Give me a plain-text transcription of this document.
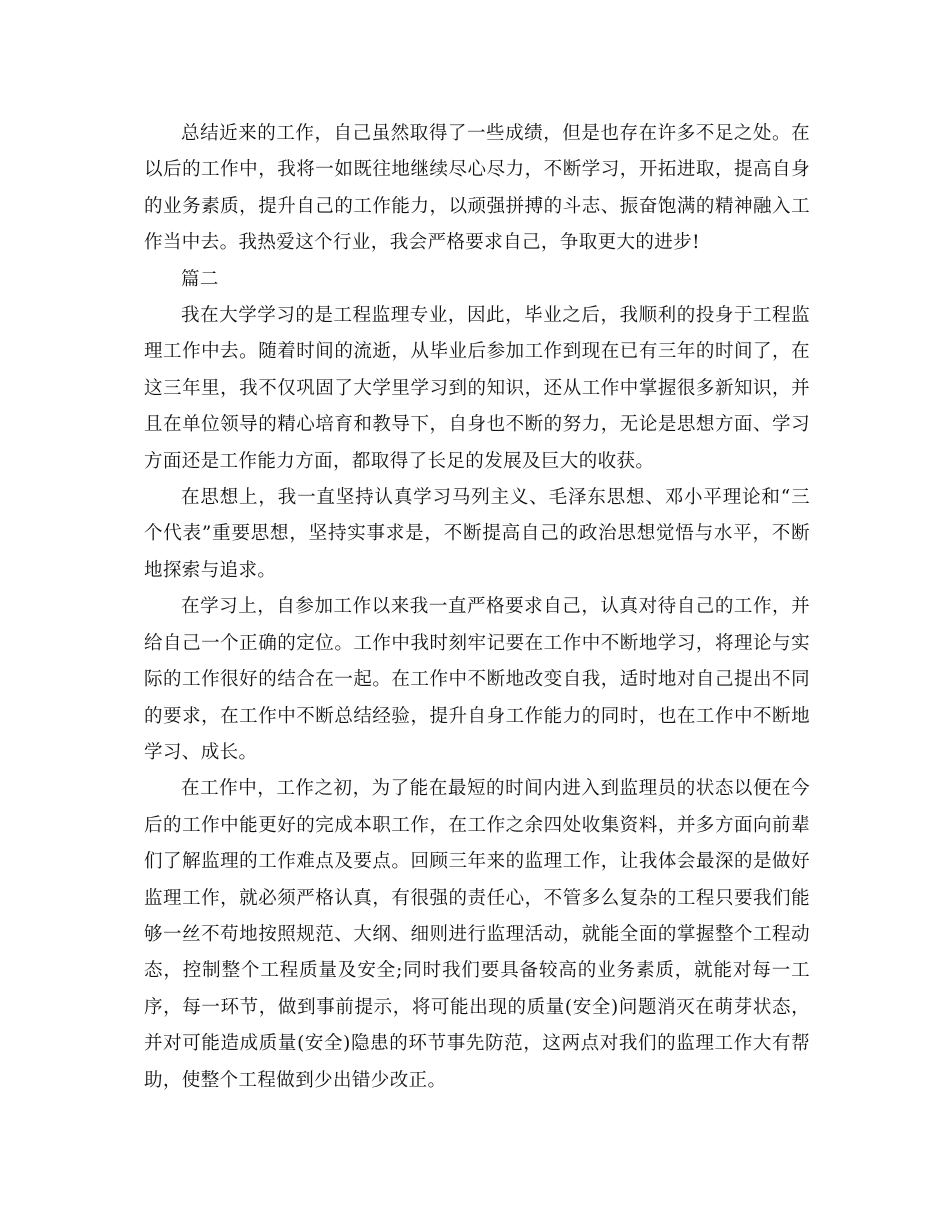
总结近来的工作，自己虽然取得了一些成绩，但是也存在许多不足之处。在以后的工作中，我将一如既往地继续尽心尽力，不断学习，开拓进取，提高自身的业务素质，提升自己的工作能力，以顽强拼搏的斗志、振奋饱满的精神融入工作当中去。我热爱这个行业，我会严格要求自己，争取更大的进步!

篇二

我在大学学习的是工程监理专业，因此，毕业之后，我顺利的投身于工程监理工作中去。随着时间的流逝，从毕业后参加工作到现在已有三年的时间了，在这三年里，我不仅巩固了大学里学习到的知识，还从工作中掌握很多新知识，并且在单位领导的精心培育和教导下，自身也不断的努力，无论是思想方面、学习方面还是工作能力方面，都取得了长足的发展及巨大的收获。

在思想上，我一直坚持认真学习马列主义、毛泽东思想、邓小平理论和“三个代表”重要思想，坚持实事求是，不断提高自己的政治思想觉悟与水平，不断地探索与追求。

在学习上，自参加工作以来我一直严格要求自己，认真对待自己的工作，并给自己一个正确的定位。工作中我时刻牢记要在工作中不断地学习，将理论与实际的工作很好的结合在一起。在工作中不断地改变自我，适时地对自己提出不同的要求，在工作中不断总结经验，提升自身工作能力的同时，也在工作中不断地学习、成长。

在工作中，工作之初，为了能在最短的时间内进入到监理员的状态以便在今后的工作中能更好的完成本职工作，在工作之余四处收集资料，并多方面向前辈们了解监理的工作难点及要点。回顾三年来的监理工作，让我体会最深的是做好监理工作，就必须严格认真，有很强的责任心，不管多么复杂的工程只要我们能够一丝不苟地按照规范、大纲、细则进行监理活动，就能全面的掌握整个工程动态，控制整个工程质量及安全;同时我们要具备较高的业务素质，就能对每一工序，每一环节，做到事前提示，将可能出现的质量(安全)问题消灭在萌芽状态，并对可能造成质量(安全)隐患的环节事先防范，这两点对我们的监理工作大有帮助，使整个工程做到少出错少改正。
